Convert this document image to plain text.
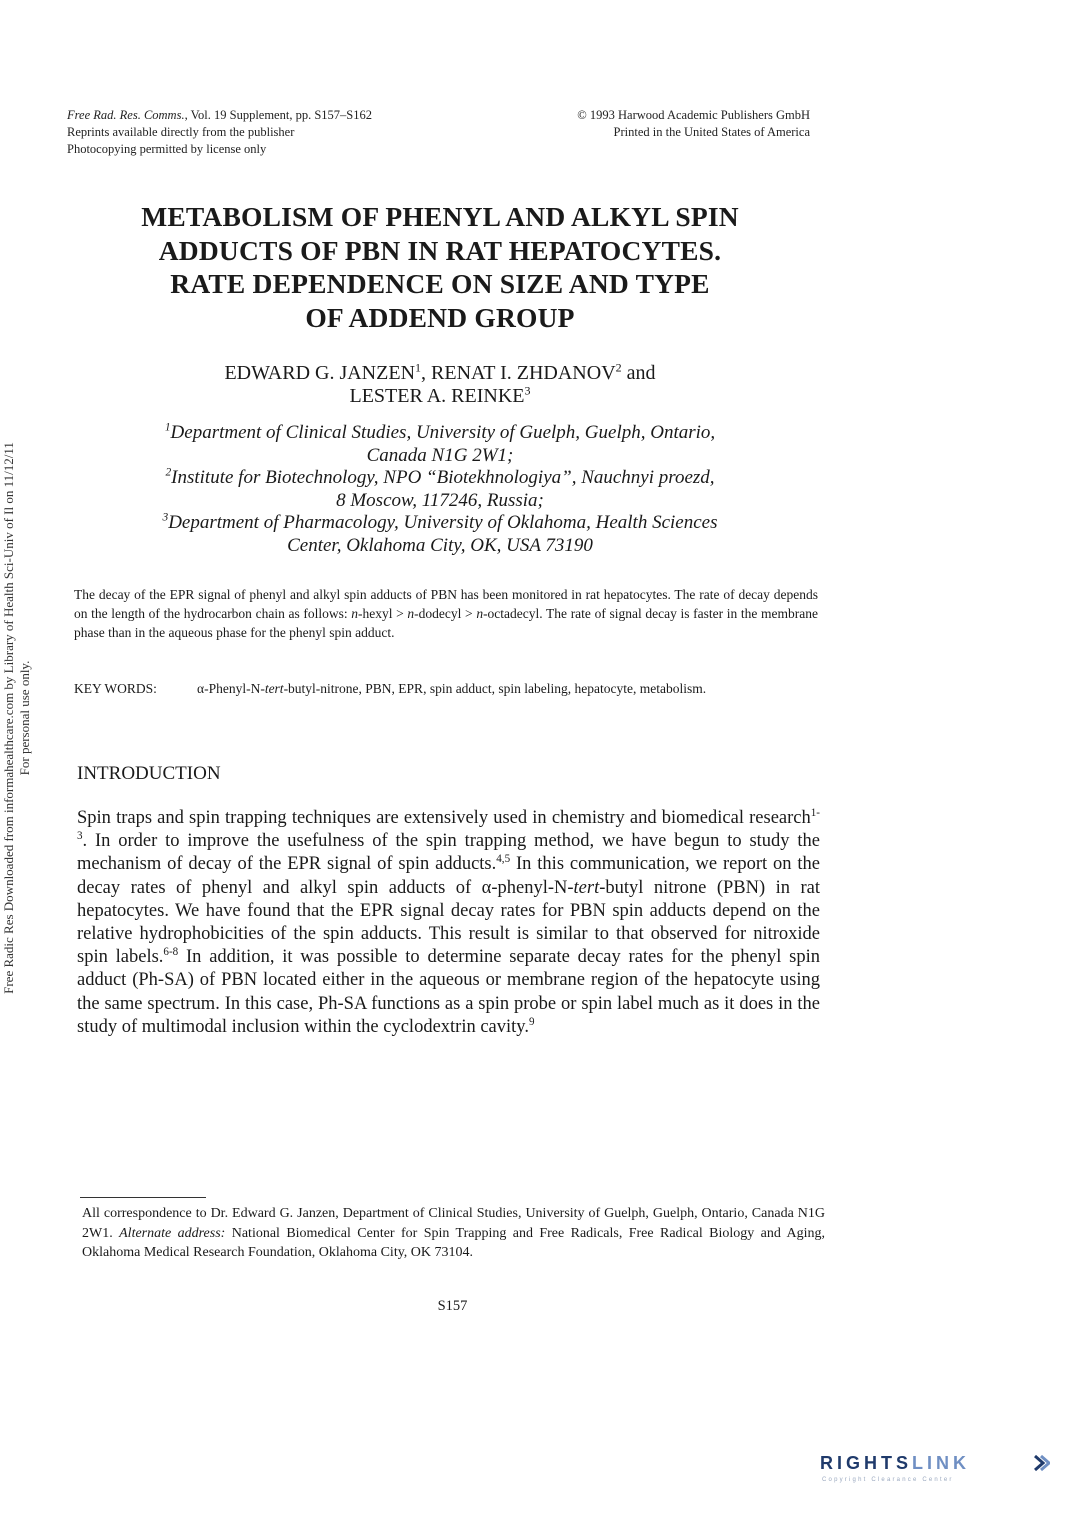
Free Rad. Res. Comms., Vol. 19 Supplement, pp. S157–S162
Reprints available directly from the publisher
Photocopying permitted by license only
© 1993 Harwood Academic Publishers GmbH
Printed in the United States of America
Free Radic Res Downloaded from informahealthcare.com by Library of Health Sci-Univ of Il on 11/12/11 For personal use only.
METABOLISM OF PHENYL AND ALKYL SPIN
ADDUCTS OF PBN IN RAT HEPATOCYTES.
RATE DEPENDENCE ON SIZE AND TYPE
OF ADDEND GROUP
EDWARD G. JANZEN$^1$, RENAT I. ZHDANOV$^2$ and
LESTER A. REINKE$^3$
$^1$Department of Clinical Studies, University of Guelph, Guelph, Ontario,
Canada N1G 2W1;
$^2$Institute for Biotechnology, NPO “Biotekhnologiya”, Nauchnyi proezd,
8 Moscow, 117246, Russia;
$^3$Department of Pharmacology, University of Oklahoma, Health Sciences
Center, Oklahoma City, OK, USA 73190
The decay of the EPR signal of phenyl and alkyl spin adducts of PBN has been monitored in rat hepatocytes. The rate of decay depends on the length of the hydrocarbon chain as follows: n-hexyl > n-dodecyl > n-octadecyl. The rate of signal decay is faster in the membrane phase than in the aqueous phase for the phenyl spin adduct.
KEY WORDS:	α-Phenyl-N-tert-butyl-nitrone, PBN, EPR, spin adduct, spin labeling, hepatocyte, metabolism.
INTRODUCTION
Spin traps and spin trapping techniques are extensively used in chemistry and biomedical research$^{1-3}$. In order to improve the usefulness of the spin trapping method, we have begun to study the mechanism of decay of the EPR signal of spin adducts.$^{4,5}$ In this communication, we report on the decay rates of phenyl and alkyl spin adducts of α-phenyl-N-tert-butyl nitrone (PBN) in rat hepatocytes. We have found that the EPR signal decay rates for PBN spin adducts depend on the relative hydrophobicities of the spin adducts. This result is similar to that observed for nitroxide spin labels.$^{6-8}$ In addition, it was possible to determine separate decay rates for the phenyl spin adduct (Ph-SA) of PBN located either in the aqueous or membrane region of the hepatocyte using the same spectrum. In this case, Ph-SA functions as a spin probe or spin label much as it does in the study of multimodal inclusion within the cyclodextrin cavity.$^9$
All correspondence to Dr. Edward G. Janzen, Department of Clinical Studies, University of Guelph, Guelph, Ontario, Canada N1G 2W1. Alternate address: National Biomedical Center for Spin Trapping and Free Radicals, Free Radical Biology and Aging, Oklahoma Medical Research Foundation, Oklahoma City, OK 73104.
S157
RIGHTSLINK
Copyright Clearance Center
